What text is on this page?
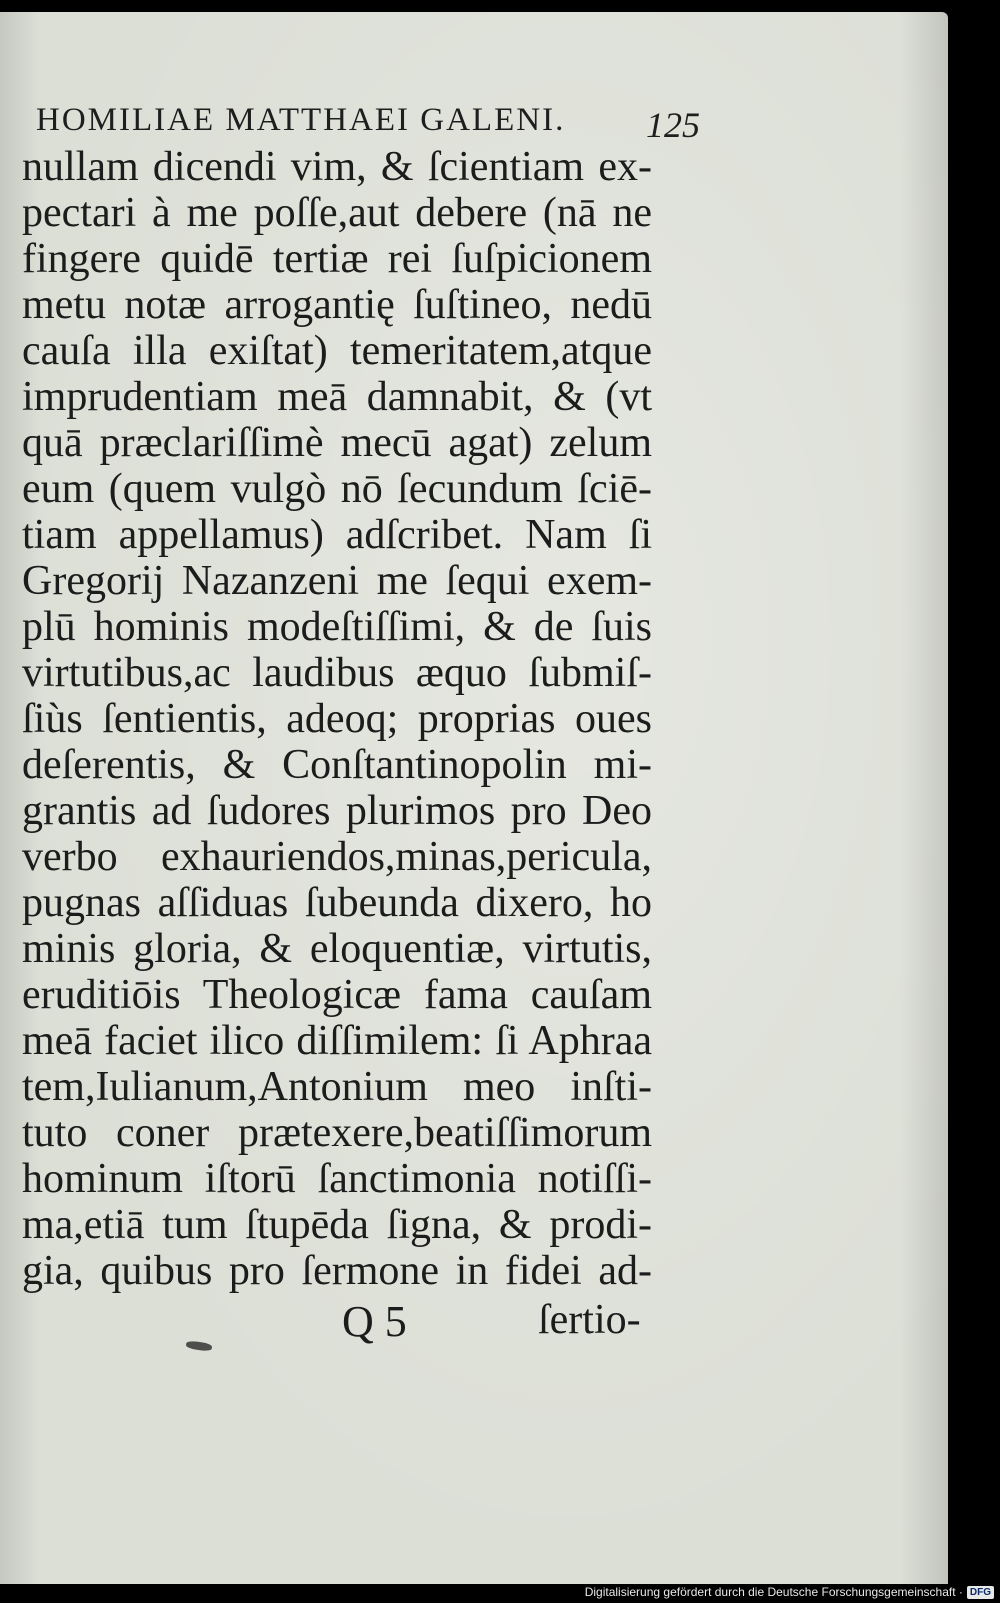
HOMILIAE MATTHAEI GALENI.	125
nullam dicendi vim, & ſcientiam ex-
pectari à me poſſe,aut debere (nā ne
fingere quidē tertiæ rei ſuſpicionem
metu notæ arrogantię ſuſtineo, nedū
cauſa illa exiſtat) temeritatem,atque
imprudentiam meā damnabit, & (vt
quā præclariſſimè mecū agat) zelum
eum (quem vulgò nō ſecundum ſciē-
tiam appellamus) adſcribet. Nam ſi
Gregorij Nazanzeni me ſequi exem-
plū hominis modeſtiſſimi, & de ſuis
virtutibus,ac laudibus æquo ſubmiſ-
ſiùs ſentientis, adeoq; proprias oues
deſerentis, & Conſtantinopolin mi-
grantis ad ſudores plurimos pro Deo
verbo exhauriendos,minas,pericula,
pugnas aſſiduas ſubeunda dixero, ho
minis gloria, & eloquentiæ, virtutis,
eruditiōis Theologicæ fama cauſam
meā faciet ilico diſſimilem: ſi Aphraa
tem,Iulianum,Antonium meo inſti-
tuto coner prætexere,beatiſſimorum
hominum iſtorū ſanctimonia notiſſi-
ma,etiā tum ſtupēda ſigna, & prodi-
gia, quibus pro ſermone in fidei ad-
Q 5	ſertio-
Digitalisierung gefördert durch die Deutsche Forschungsgemeinschaft · DFG
